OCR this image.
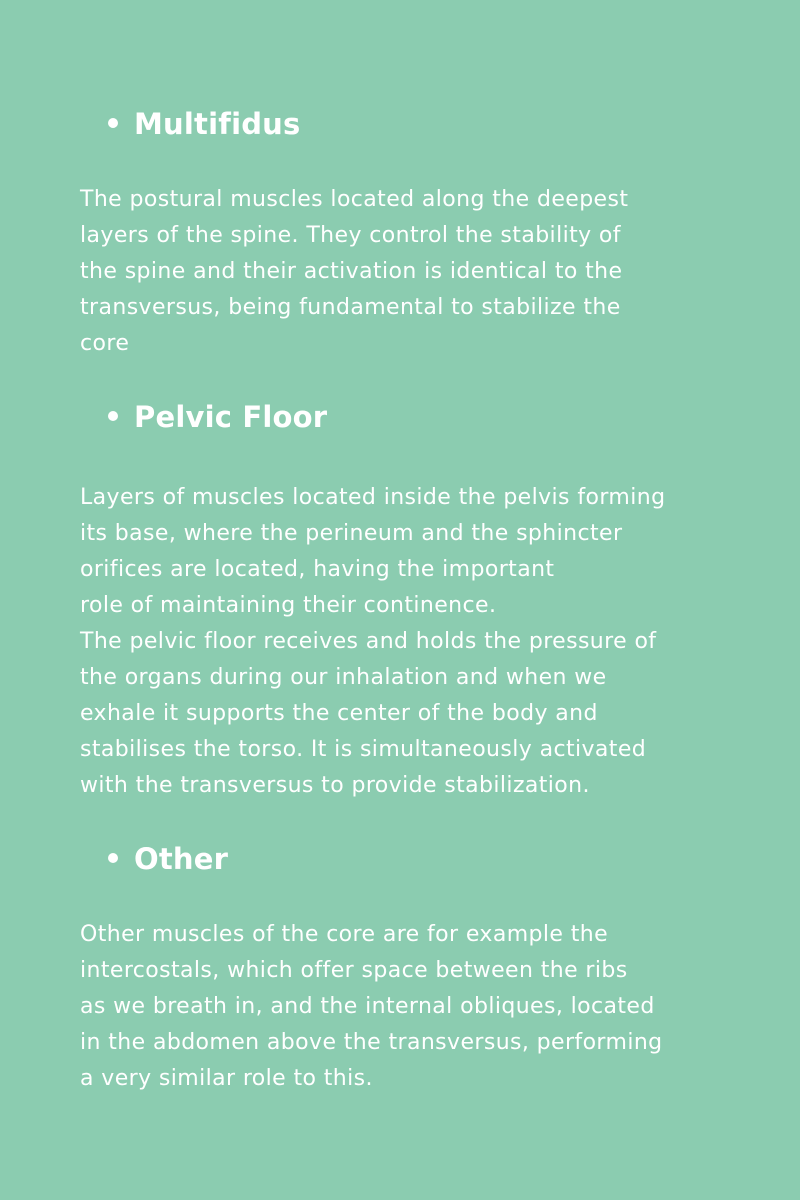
Multifidus

The postural muscles located along the deepest
layers of the spine. They control the stability of
the spine and their activation is identical to the
transversus, being fundamental to stabilize the
core

Pelvic Floor

Layers of muscles located inside the pelvis forming
its base, where the perineum and the sphincter
orifices are located, having the important
role of maintaining their continence.
The pelvic floor receives and holds the pressure of
the organs during our inhalation and when we
exhale it supports the center of the body and
stabilises the torso. It is simultaneously activated
with the transversus to provide stabilization.

Other

Other muscles of the core are for example the
intercostals, which offer space between the ribs
as we breath in, and the internal obliques, located
in the abdomen above the transversus, performing
a very similar role to this.
